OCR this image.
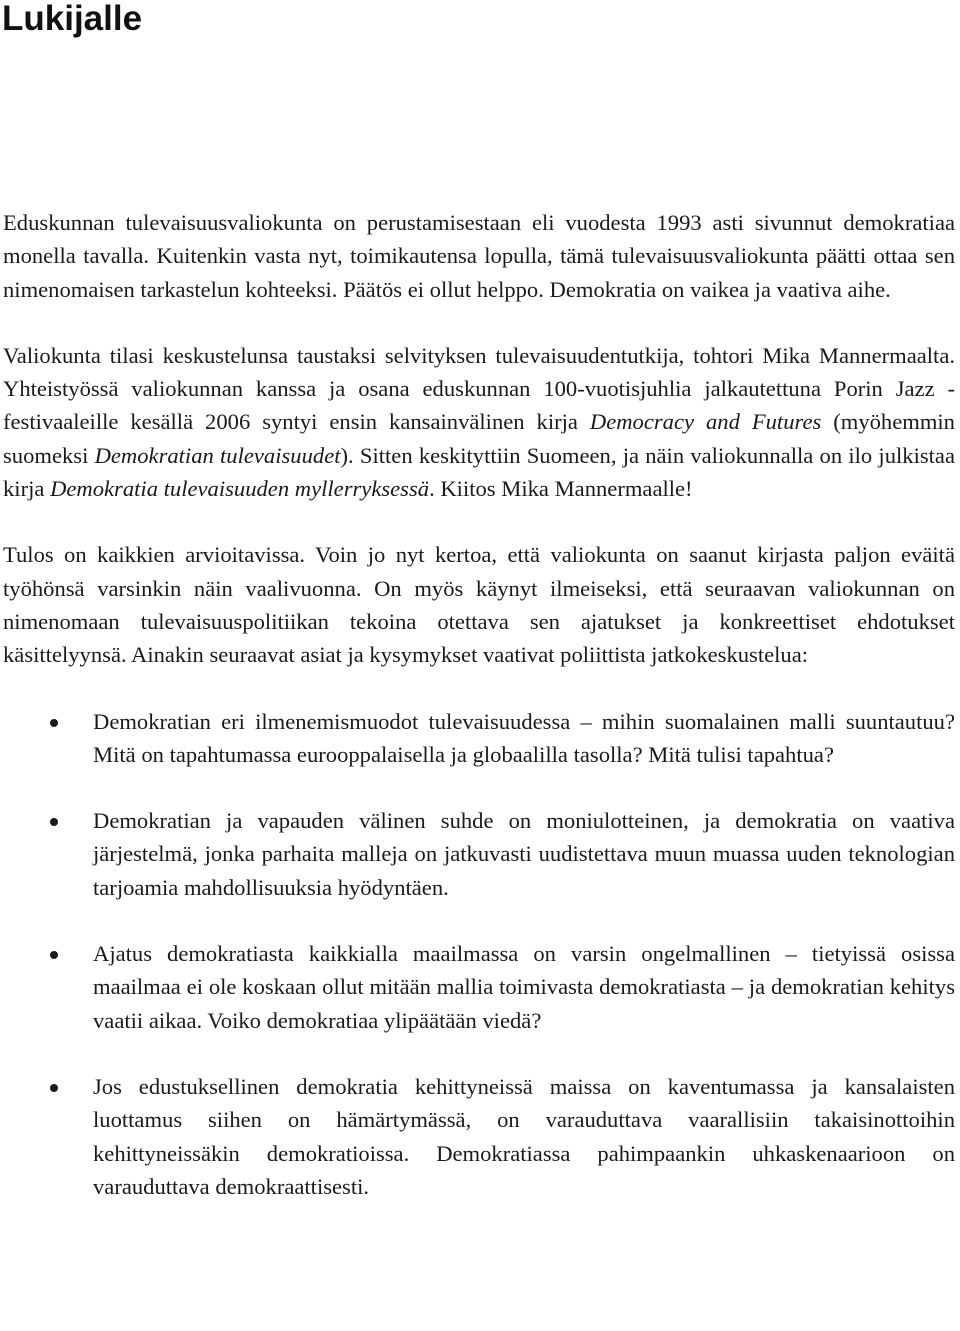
Lukijalle

Eduskunnan tulevaisuusvaliokunta on perustamisestaan eli vuodesta 1993 asti sivunnut demokratiaa monella tavalla. Kuitenkin vasta nyt, toimikautensa lopulla, tämä tulevaisuusvaliokunta päätti ottaa sen nimenomaisen tarkastelun kohteeksi. Päätös ei ollut helppo. Demokratia on vaikea ja vaativa aihe.

Valiokunta tilasi keskustelunsa taustaksi selvityksen tulevaisuudentutkija, tohtori Mika Mannermaalta. Yhteistyössä valiokunnan kanssa ja osana eduskunnan 100-vuotisjuhlia jalkautettuna Porin Jazz -festivaaleille kesällä 2006 syntyi ensin kansainvälinen kirja Democracy and Futures (myöhemmin suomeksi Demokratian tulevaisuudet). Sitten keskityttiin Suomeen, ja näin valiokunnalla on ilo julkistaa kirja Demokratia tulevaisuuden myllerryksessä. Kiitos Mika Mannermaalle!

Tulos on kaikkien arvioitavissa. Voin jo nyt kertoa, että valiokunta on saanut kirjasta paljon eväitä työhönsä varsinkin näin vaalivuonna. On myös käynyt ilmeiseksi, että seuraavan valiokunnan on nimenomaan tulevaisuuspolitiikan tekoina otettava sen ajatukset ja konkreettiset ehdotukset käsittelyynsä. Ainakin seuraavat asiat ja kysymykset vaativat poliittista jatkokeskustelua:

Demokratian eri ilmenemismuodot tulevaisuudessa – mihin suomalainen malli suuntautuu? Mitä on tapahtumassa eurooppalaisella ja globaalilla tasolla? Mitä tulisi tapahtua?
Demokratian ja vapauden välinen suhde on moniulotteinen, ja demokratia on vaativa järjestelmä, jonka parhaita malleja on jatkuvasti uudistettava muun muassa uuden teknologian tarjoamia mahdollisuuksia hyödyntäen.
Ajatus demokratiasta kaikkialla maailmassa on varsin ongelmallinen – tietyissä osissa maailmaa ei ole koskaan ollut mitään mallia toimivasta demokratiasta – ja demokratian kehitys vaatii aikaa. Voiko demokratiaa ylipäätään viedä?
Jos edustuksellinen demokratia kehittyneissä maissa on kaventumassa ja kansalaisten luottamus siihen on hämärtymässä, on varauduttava vaarallisiin takaisinottoihin kehittyneissäkin demokratioissa. Demokratiassa pahimpaankin uhkaskenaarioon on varauduttava demokraattisesti.
